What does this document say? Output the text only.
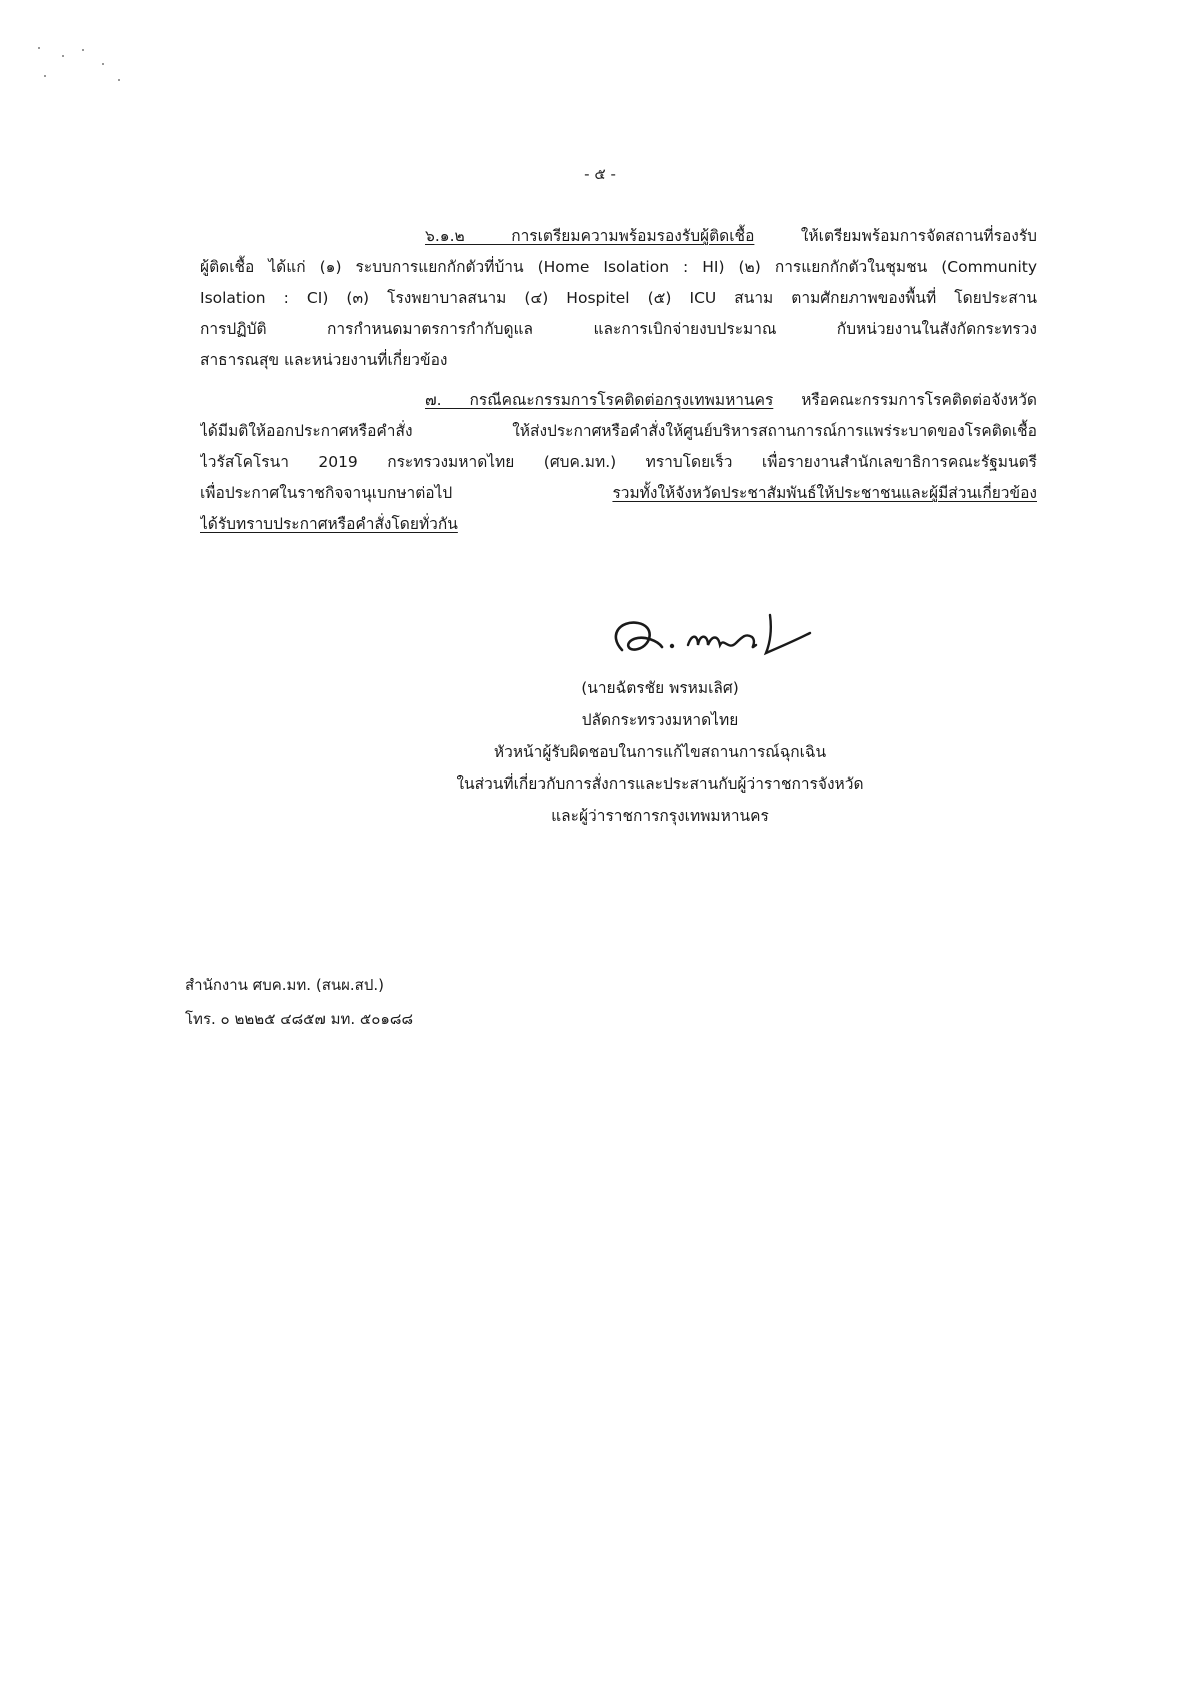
- ๕ -
๖.๑.๒ การเตรียมความพร้อมรองรับผู้ติดเชื้อ	ให้เตรียมพร้อมการจัดสถานที่รองรับ
ผู้ติดเชื้อ ได้แก่ (๑) ระบบการแยกกักตัวที่บ้าน (Home Isolation : HI) (๒) การแยกกักตัวในชุมชน (Community
Isolation : CI) (๓) โรงพยาบาลสนาม (๔) Hospitel (๕) ICU สนาม ตามศักยภาพของพื้นที่ โดยประสาน
การปฏิบัติ การกำหนดมาตรการกำกับดูแล และการเบิกจ่ายงบประมาณ กับหน่วยงานในสังกัดกระทรวง
สาธารณสุข และหน่วยงานที่เกี่ยวข้อง
๗. กรณีคณะกรรมการโรคติดต่อกรุงเทพมหานคร หรือคณะกรรมการโรคติดต่อจังหวัด
ได้มีมติให้ออกประกาศหรือคำสั่ง ให้ส่งประกาศหรือคำสั่งให้ศูนย์บริหารสถานการณ์การแพร่ระบาดของโรคติดเชื้อ
ไวรัสโคโรนา 2019 กระทรวงมหาดไทย (ศบค.มท.) ทราบโดยเร็ว เพื่อรายงานสำนักเลขาธิการคณะรัฐมนตรี
เพื่อประกาศในราชกิจจานุเบกษาต่อไป	รวมทั้งให้จังหวัดประชาสัมพันธ์ให้ประชาชนและผู้มีส่วนเกี่ยวข้อง
ได้รับทราบประกาศหรือคำสั่งโดยทั่วกัน
(นายฉัตรชัย พรหมเลิศ)
ปลัดกระทรวงมหาดไทย
หัวหน้าผู้รับผิดชอบในการแก้ไขสถานการณ์ฉุกเฉิน
ในส่วนที่เกี่ยวกับการสั่งการและประสานกับผู้ว่าราชการจังหวัด
และผู้ว่าราชการกรุงเทพมหานคร
สำนักงาน ศบค.มท. (สนผ.สป.)
โทร. ๐ ๒๒๒๕ ๔๘๕๗ มท. ๕๐๑๘๘
